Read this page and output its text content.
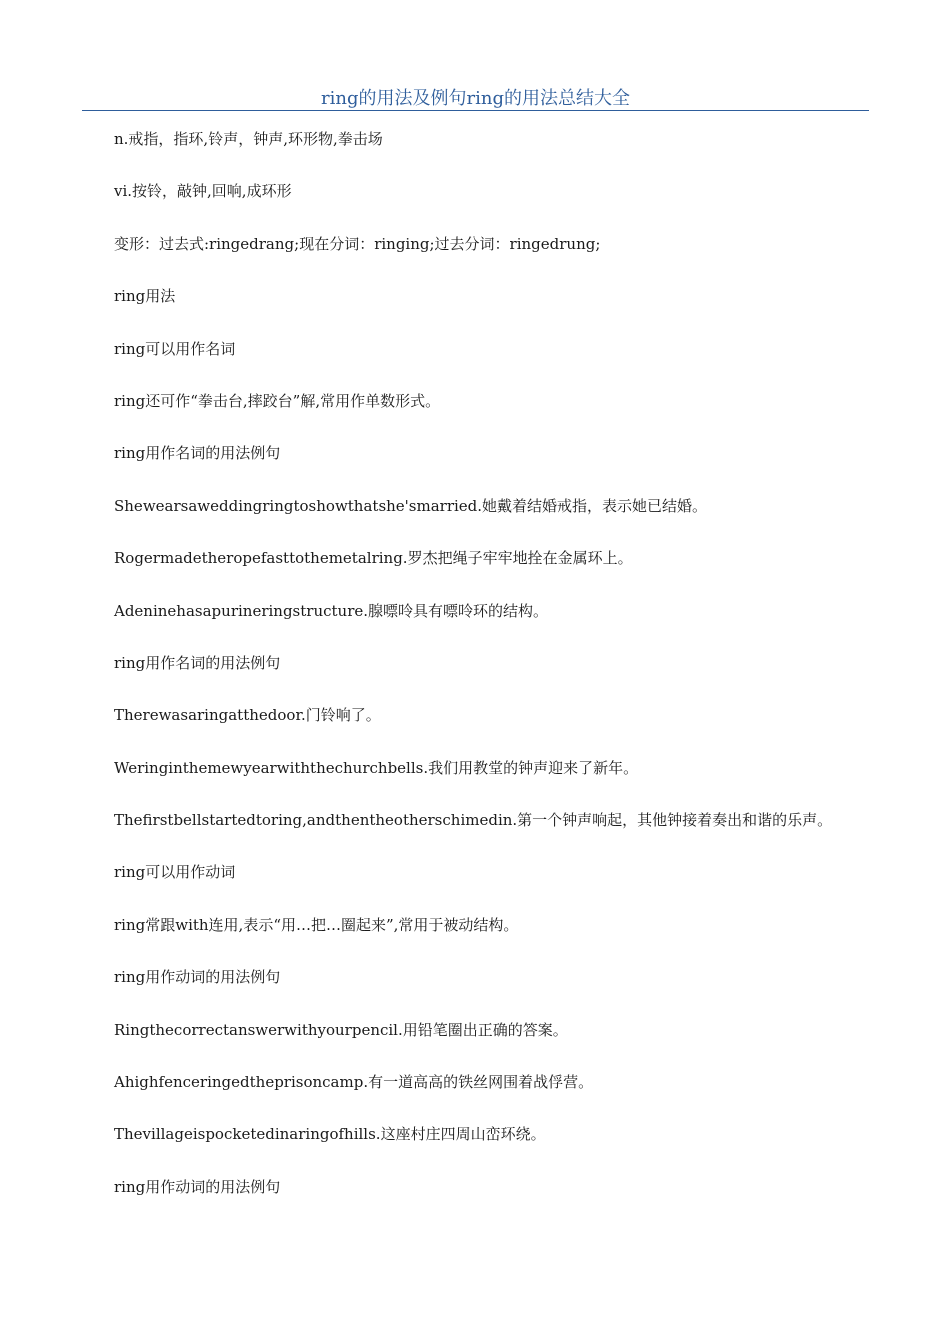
ring的用法及例句ring的用法总结大全

n.戒指，指环,铃声，钟声,环形物,拳击场

vi.按铃，敲钟,回响,成环形

变形：过去式:ringedrang;现在分词：ringing;过去分词：ringedrung;

ring用法

ring可以用作名词

ring还可作“拳击台,摔跤台”解,常用作单数形式。

ring用作名词的用法例句

Shewearsaweddingringtoshowthatshe'smarried.她戴着结婚戒指，表示她已结婚。

Rogermadetheropefasttothemetalring.罗杰把绳子牢牢地拴在金属环上。

Adeninehasapurineringstructure.腺嘌呤具有嘌呤环的结构。

ring用作名词的用法例句

Therewasaringatthedoor.门铃响了。

Weringinthemewyearwiththechurchbells.我们用教堂的钟声迎来了新年。

Thefirstbellstartedtoring,andthentheotherschimedin.第一个钟声响起，其他钟接着奏出和谐的乐声。

ring可以用作动词

ring常跟with连用,表示“用…把…圈起来”,常用于被动结构。

ring用作动词的用法例句

Ringthecorrectanswerwithyourpencil.用铅笔圈出正确的答案。

Ahighfenceringedtheprisoncamp.有一道高高的铁丝网围着战俘营。

Thevillageispocketedinaringofhills.这座村庄四周山峦环绕。

ring用作动词的用法例句
